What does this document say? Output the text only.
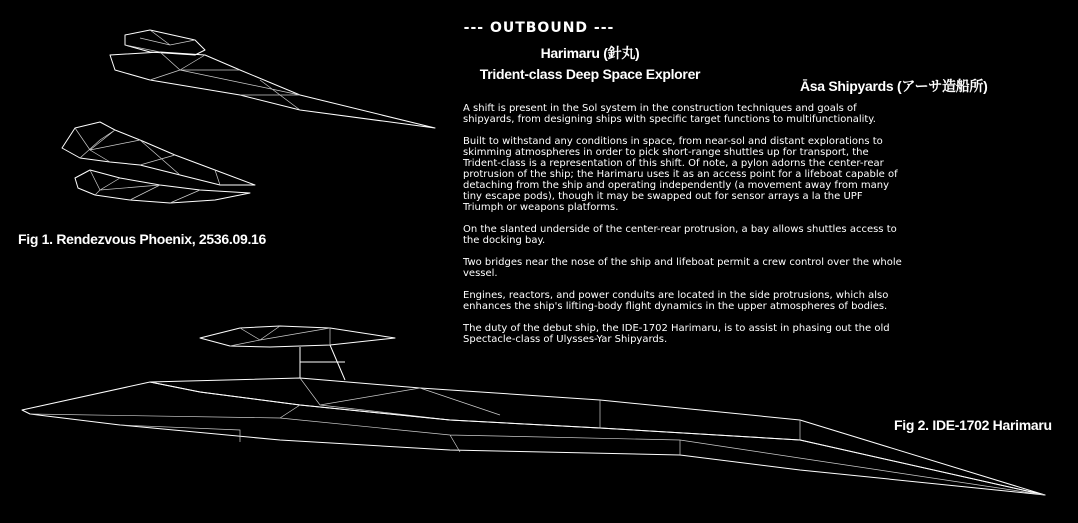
--- OUTBOUND ---
Harimaru (針丸)
Trident-class Deep Space Explorer
Āsa Shipyards (アーサ造船所)
Fig 1. Rendezvous Phoenix, 2536.09.16
Fig 2. IDE-1702 Harimaru

A shift is present in the Sol system in the construction techniques and goals of shipyards, from designing ships with specific target functions to multifunctionality.

Built to withstand any conditions in space, from near-sol and distant explorations to skimming atmospheres in order to pick short-range shuttles up for transport, the Trident-class is a representation of this shift. Of note, a pylon adorns the center-rear protrusion of the ship; the Harimaru uses it as an access point for a lifeboat capable of detaching from the ship and operating independently (a movement away from many tiny escape pods), though it may be swapped out for sensor arrays a la the UPF Triumph or weapons platforms.

On the slanted underside of the center-rear protrusion, a bay allows shuttles access to the docking bay.

Two bridges near the nose of the ship and lifeboat permit a crew control over the whole vessel.

Engines, reactors, and power conduits are located in the side protrusions, which also enhances the ship's lifting-body flight dynamics in the upper atmospheres of bodies.

The duty of the debut ship, the IDE-1702 Harimaru, is to assist in phasing out the old Spectacle-class of Ulysses-Yar Shipyards.
